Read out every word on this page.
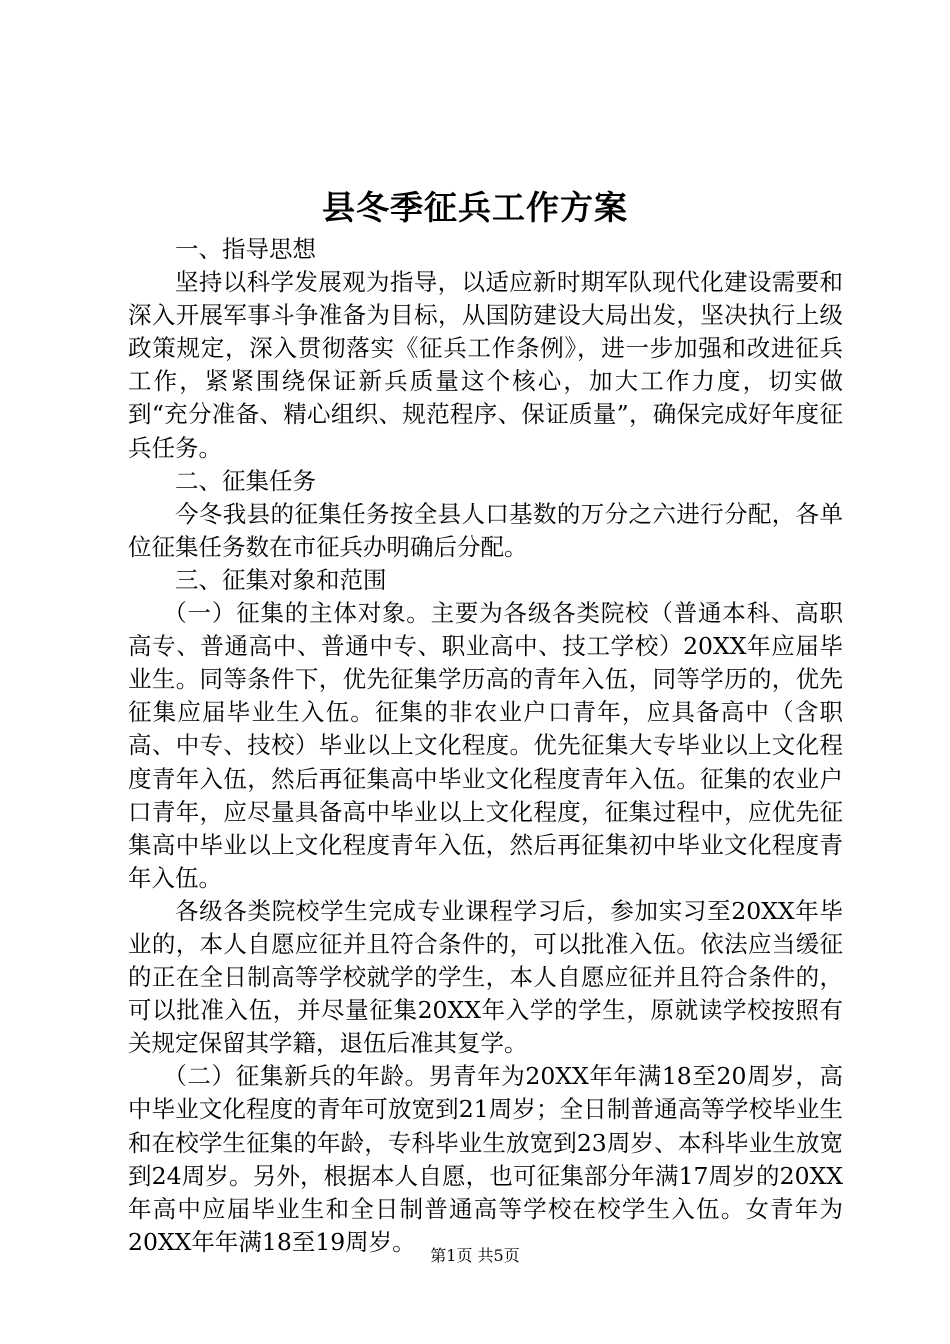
县冬季征兵工作方案

一、指导思想

坚持以科学发展观为指导，以适应新时期军队现代化建设需要和深入开展军事斗争准备为目标，从国防建设大局出发，坚决执行上级政策规定，深入贯彻落实《征兵工作条例》，进一步加强和改进征兵工作，紧紧围绕保证新兵质量这个核心，加大工作力度，切实做到“充分准备、精心组织、规范程序、保证质量”，确保完成好年度征兵任务。

二、征集任务

今冬我县的征集任务按全县人口基数的万分之六进行分配，各单位征集任务数在市征兵办明确后分配。

三、征集对象和范围

（一）征集的主体对象。主要为各级各类院校（普通本科、高职高专、普通高中、普通中专、职业高中、技工学校）20XX年应届毕业生。同等条件下，优先征集学历高的青年入伍，同等学历的，优先征集应届毕业生入伍。征集的非农业户口青年，应具备高中（含职高、中专、技校）毕业以上文化程度。优先征集大专毕业以上文化程度青年入伍，然后再征集高中毕业文化程度青年入伍。征集的农业户口青年，应尽量具备高中毕业以上文化程度，征集过程中，应优先征集高中毕业以上文化程度青年入伍，然后再征集初中毕业文化程度青年入伍。

各级各类院校学生完成专业课程学习后，参加实习至20XX年毕业的，本人自愿应征并且符合条件的，可以批准入伍。依法应当缓征的正在全日制高等学校就学的学生，本人自愿应征并且符合条件的，可以批准入伍，并尽量征集20XX年入学的学生，原就读学校按照有关规定保留其学籍，退伍后准其复学。

（二）征集新兵的年龄。男青年为20XX年年满18至20周岁，高中毕业文化程度的青年可放宽到21周岁；全日制普通高等学校毕业生和在校学生征集的年龄，专科毕业生放宽到23周岁、本科毕业生放宽到24周岁。另外，根据本人自愿，也可征集部分年满17周岁的20XX年高中应届毕业生和全日制普通高等学校在校学生入伍。女青年为20XX年年满18至19周岁。 第1页 共5页
